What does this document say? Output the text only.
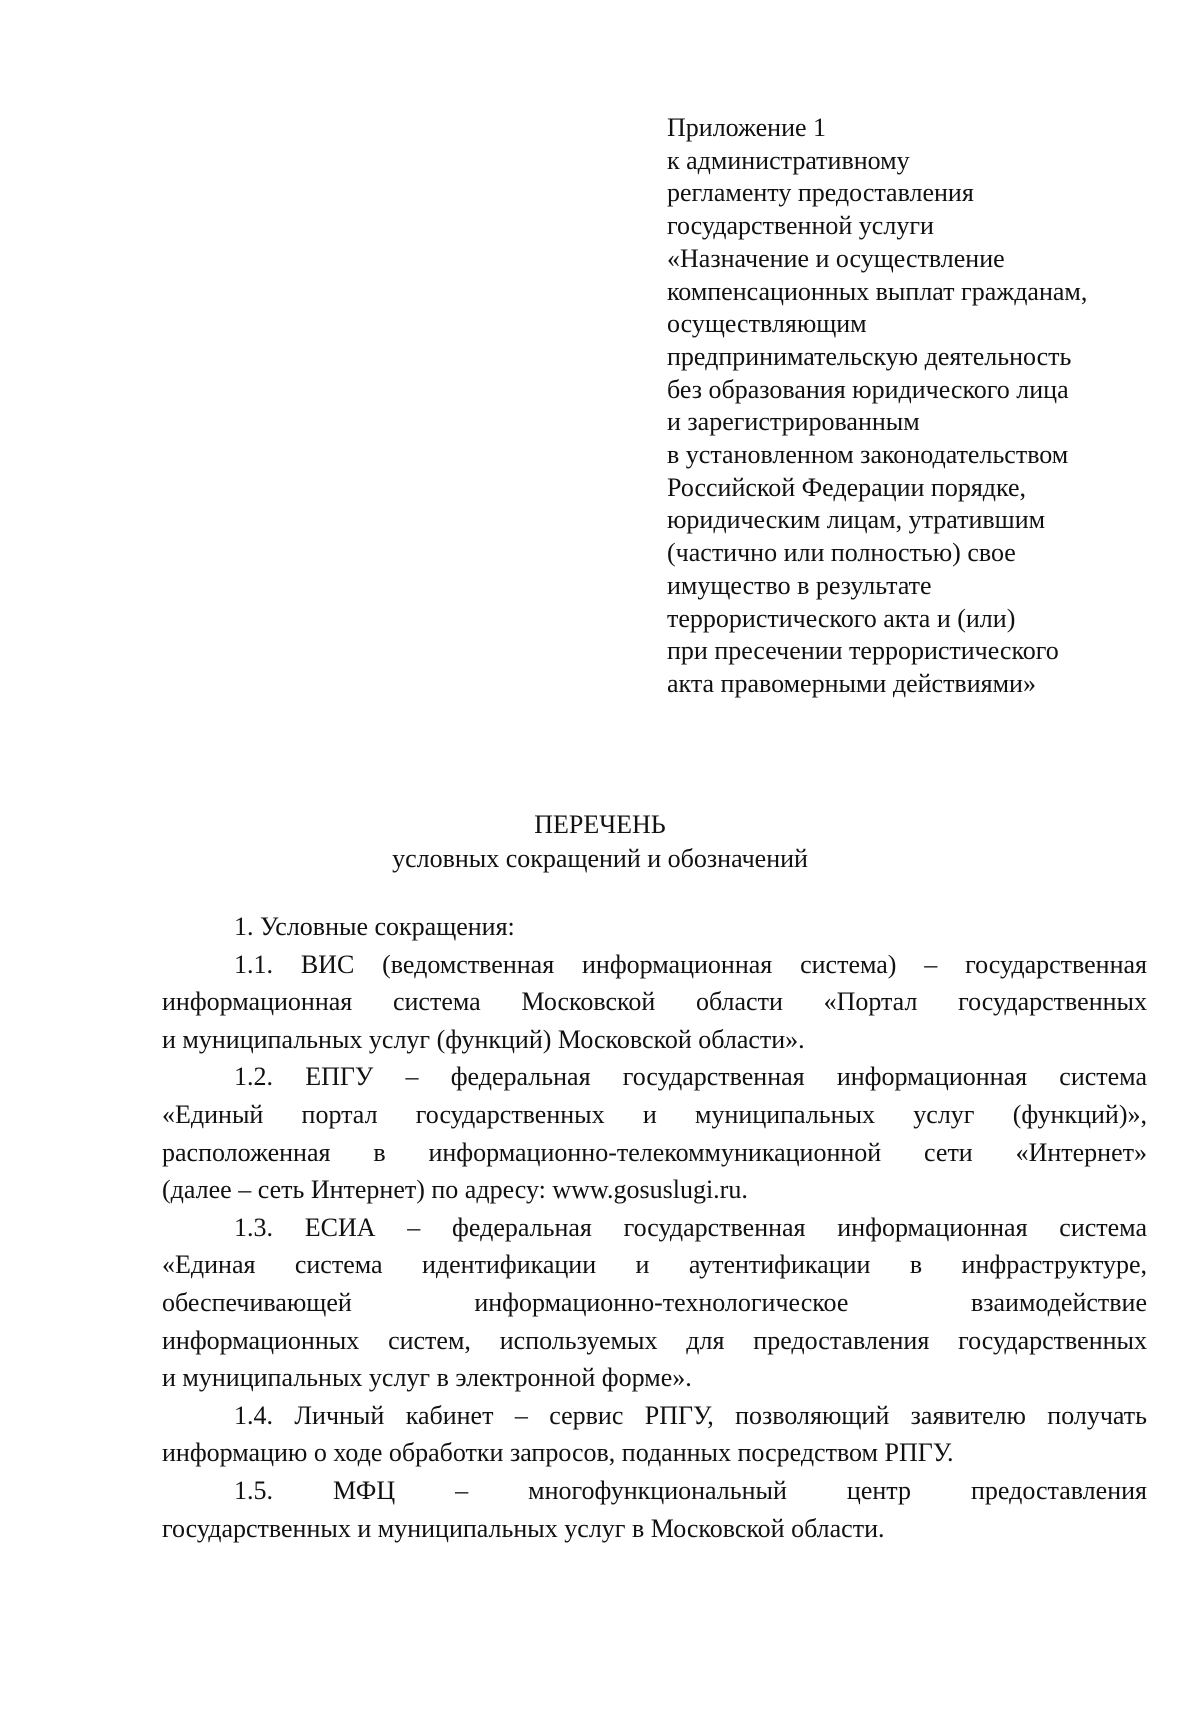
Приложение 1
к административному
регламенту предоставления
государственной услуги
«Назначение и осуществление
компенсационных выплат гражданам,
осуществляющим
предпринимательскую деятельность
без образования юридического лица
и зарегистрированным
в установленном законодательством
Российской Федерации порядке,
юридическим лицам, утратившим
(частично или полностью) свое
имущество в результате
террористического акта и (или)
при пресечении террористического
акта правомерными действиями»
ПЕРЕЧЕНЬ
условных сокращений и обозначений
1. Условные сокращения:
1.1. ВИС (ведомственная информационная система) – государственная
информационная система Московской области «Портал государственных
и муниципальных услуг (функций) Московской области».
1.2. ЕПГУ – федеральная государственная информационная система
«Единый портал государственных и муниципальных услуг (функций)»,
расположенная в информационно-телекоммуникационной сети «Интернет»
(далее – сеть Интернет) по адресу: www.gosuslugi.ru.
1.3. ЕСИА – федеральная государственная информационная система
«Единая система идентификации и аутентификации в инфраструктуре,
обеспечивающей информационно-технологическое взаимодействие
информационных систем, используемых для предоставления государственных
и муниципальных услуг в электронной форме».
1.4. Личный кабинет – сервис РПГУ, позволяющий заявителю получать
информацию о ходе обработки запросов, поданных посредством РПГУ.
1.5. МФЦ – многофункциональный центр предоставления
государственных и муниципальных услуг в Московской области.
